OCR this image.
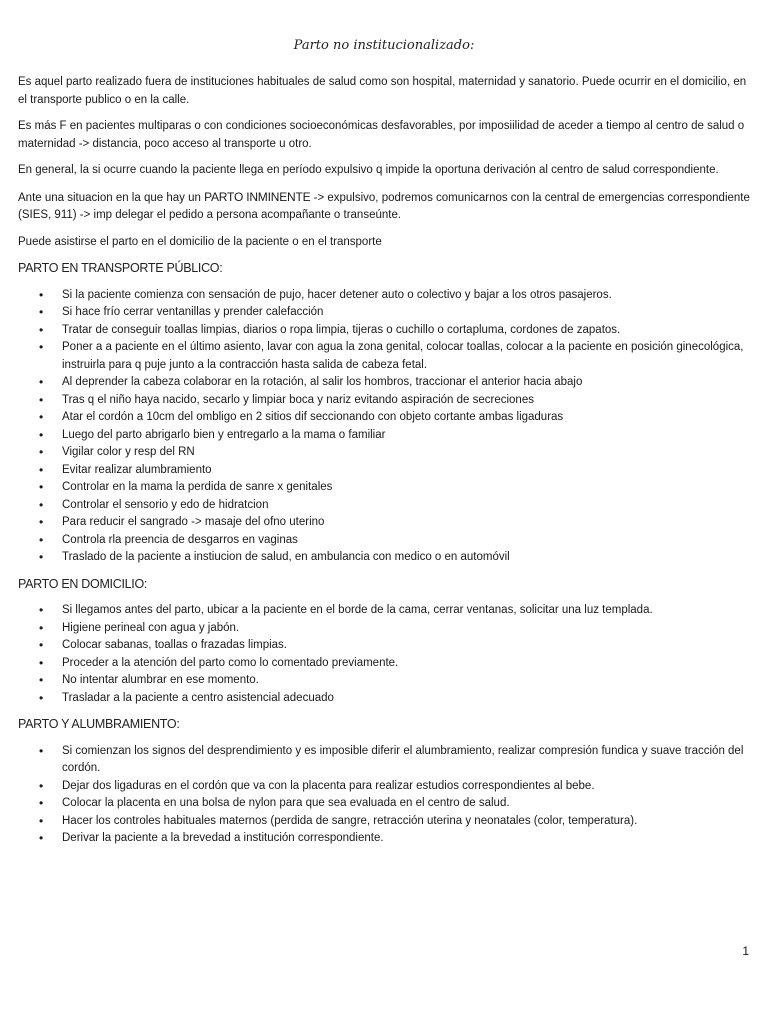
Parto no institucionalizado:

Es aquel parto realizado fuera de instituciones habituales de salud como son hospital, maternidad y sanatorio. Puede ocurrir en el domicilio, en el transporte publico o en la calle.

Es más F en pacientes multiparas o con condiciones socioeconómicas desfavorables, por imposiilidad de aceder a tiempo al centro de salud o maternidad -> distancia, poco acceso al transporte u otro.

En general, la si ocurre cuando la paciente llega en período expulsivo q impide la oportuna derivación al centro de salud correspondiente.

Ante una situacion en la que hay un PARTO INMINENTE -> expulsivo, podremos comunicarnos con la central de emergencias correspondiente (SIES, 911) -> imp delegar el pedido a persona acompañante o transeúnte.

Puede asistirse el parto en el domicilio de la paciente o en el transporte

PARTO EN TRANSPORTE PÚBLICO:
• Si la paciente comienza con sensación de pujo, hacer detener auto o colectivo y bajar a los otros pasajeros.
• Si hace frío cerrar ventanillas y prender calefacción
• Tratar de conseguir toallas limpias, diarios o ropa limpia, tijeras o cuchillo o cortapluma, cordones de zapatos.
• Poner a a paciente en el último asiento, lavar con agua la zona genital, colocar toallas, colocar a la paciente en posición ginecológica, instruirla para q puje junto a la contracción hasta salida de cabeza fetal.
• Al deprender la cabeza colaborar en la rotación, al salir los hombros, traccionar el anterior hacia abajo
• Tras q el niño haya nacido, secarlo y limpiar boca y nariz evitando aspiración de secreciones
• Atar el cordón a 10cm del ombligo en 2 sitios dif seccionando con objeto cortante ambas ligaduras
• Luego del parto abrigarlo bien y entregarlo a la mama o familiar
• Vigilar color y resp del RN
• Evitar realizar alumbramiento
• Controlar en la mama la perdida de sanre x genitales
• Controlar el sensorio y edo de hidratcion
• Para reducir el sangrado -> masaje del ofno uterino
• Controla rla preencia de desgarros en vaginas
• Traslado de la paciente a instiucion de salud, en ambulancia con medico o en automóvil
PARTO EN DOMICILIO:
• Si llegamos antes del parto, ubicar a la paciente en el borde de la cama, cerrar ventanas, solicitar una luz templada.
• Higiene perineal con agua y jabón.
• Colocar sabanas, toallas o frazadas limpias.
• Proceder a la atención del parto como lo comentado previamente.
• No intentar alumbrar en ese momento.
• Trasladar a la paciente a centro asistencial adecuado
PARTO Y ALUMBRAMIENTO:
• Si comienzan los signos del desprendimiento y es imposible diferir el alumbramiento, realizar compresión fundica y suave tracción del cordón.
• Dejar dos ligaduras en el cordón que va con la placenta para realizar estudios correspondientes al bebe.
• Colocar la placenta en una bolsa de nylon para que sea evaluada en el centro de salud.
• Hacer los controles habituales maternos (perdida de sangre, retracción uterina y neonatales (color, temperatura).
• Derivar la paciente a la brevedad a institución correspondiente.
1
